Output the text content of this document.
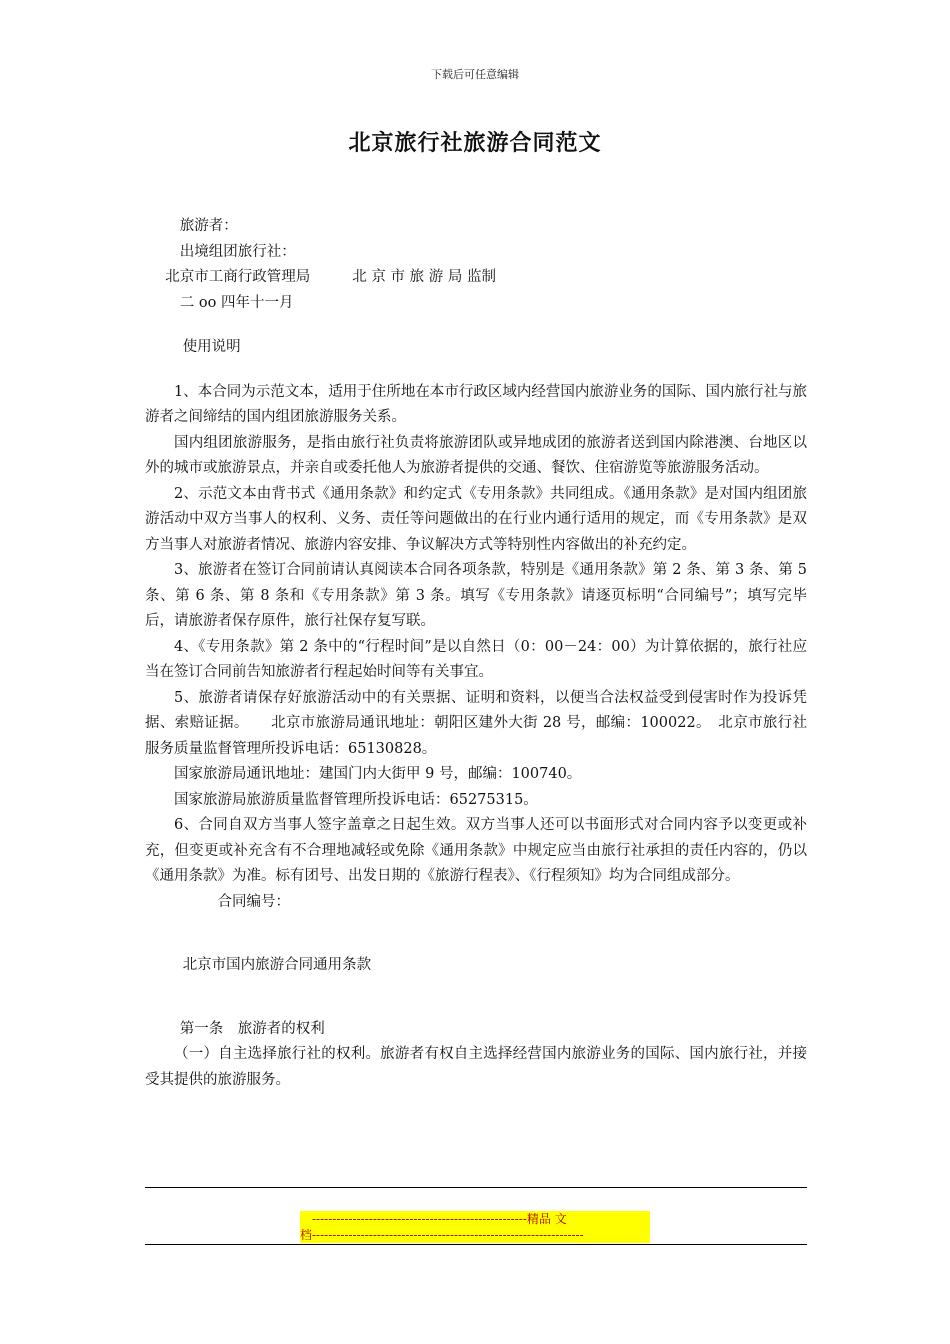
下载后可任意编辑
北京旅行社旅游合同范文
旅游者：
出境组团旅行社：
北京市工商行政管理局	北 京 市 旅 游 局 监制
二 oo 四年十一月
使用说明

1、本合同为示范文本，适用于住所地在本市行政区域内经营国内旅游业务的国际、国内旅行社与旅游者之间缔结的国内组团旅游服务关系。

国内组团旅游服务，是指由旅行社负责将旅游团队或异地成团的旅游者送到国内除港澳、台地区以外的城市或旅游景点，并亲自或委托他人为旅游者提供的交通、餐饮、住宿游览等旅游服务活动。

2、示范文本由背书式《通用条款》和约定式《专用条款》共同组成。《通用条款》是对国内组团旅游活动中双方当事人的权利、义务、责任等问题做出的在行业内通行适用的规定，而《专用条款》是双方当事人对旅游者情况、旅游内容安排、争议解决方式等特别性内容做出的补充约定。

3、旅游者在签订合同前请认真阅读本合同各项条款，特别是《通用条款》第 2 条、第 3 条、第 5 条、第 6 条、第 8 条和《专用条款》第 3 条。填写《专用条款》请逐页标明“合同编号”；填写完毕后，请旅游者保存原件，旅行社保存复写联。

4、《专用条款》第 2 条中的“行程时间”是以自然日（0：00－24：00）为计算依据的，旅行社应当在签订合同前告知旅游者行程起始时间等有关事宜。

5、旅游者请保存好旅游活动中的有关票据、证明和资料，以便当合法权益受到侵害时作为投诉凭据、索赔证据。　　北京市旅游局通讯地址：朝阳区建外大街 28 号，邮编：100022。　北京市旅行社服务质量监督管理所投诉电话：65130828。

国家旅游局通讯地址：建国门内大街甲 9 号，邮编：100740。

国家旅游局旅游质量监督管理所投诉电话：65275315。

6、合同自双方当事人签字盖章之日起生效。双方当事人还可以书面形式对合同内容予以变更或补充，但变更或补充含有不合理地减轻或免除《通用条款》中规定应当由旅行社承担的责任内容的，仍以《通用条款》为准。标有团号、出发日期的《旅游行程表》、《行程须知》均为合同组成部分。

合同编号：
北京市国内旅游合同通用条款
第一条　旅游者的权利

（一）自主选择旅行社的权利。旅游者有权自主选择经营国内旅游业务的国际、国内旅行社，并接受其提供的旅游服务。

-----------------------------------------------------精品 文
档-------------------------------------------------------------------
